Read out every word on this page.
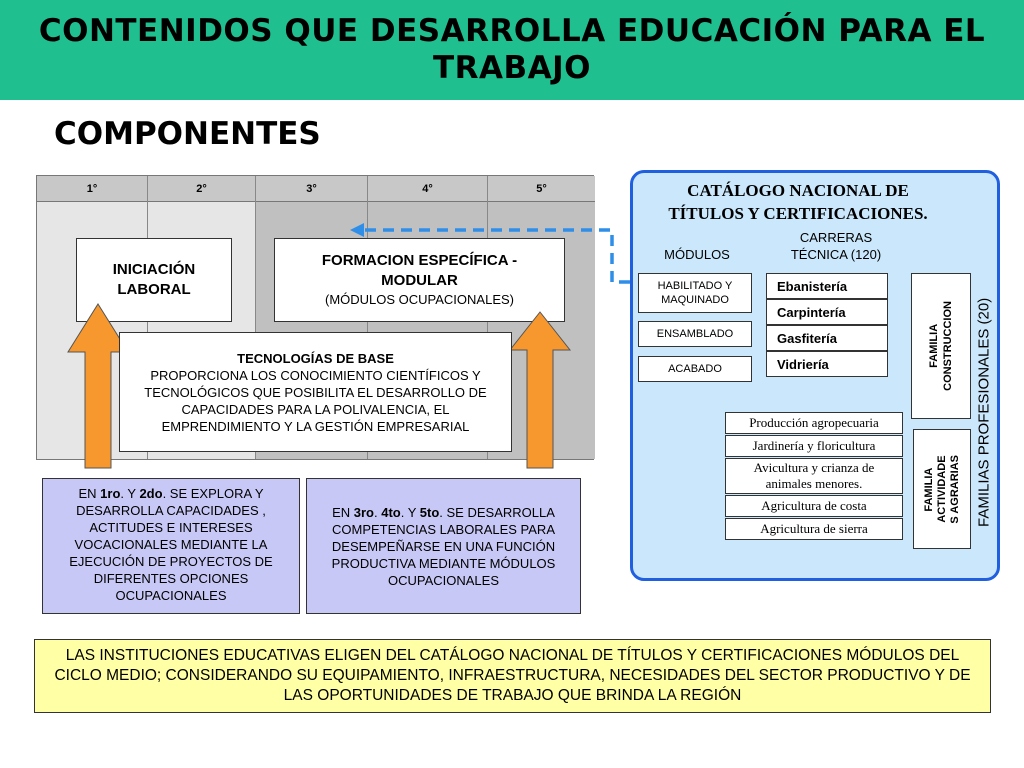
CONTENIDOS QUE DESARROLLA EDUCACIÓN PARA EL TRABAJO
COMPONENTES
1°	2°	3°	4°	5°
INICIACIÓN LABORAL
FORMACION ESPECÍFICA - MODULAR
(MÓDULOS OCUPACIONALES)
TECNOLOGÍAS DE BASE
PROPORCIONA LOS CONOCIMIENTO CIENTÍFICOS Y TECNOLÓGICOS QUE POSIBILITA EL DESARROLLO DE CAPACIDADES PARA LA POLIVALENCIA, EL EMPRENDIMIENTO Y LA GESTIÓN EMPRESARIAL
EN 1ro. Y 2do. SE EXPLORA Y DESARROLLA CAPACIDADES , ACTITUDES E INTERESES VOCACIONALES MEDIANTE LA EJECUCIÓN DE PROYECTOS DE DIFERENTES OPCIONES OCUPACIONALES
EN 3ro. 4to. Y 5to. SE DESARROLLA COMPETENCIAS LABORALES PARA DESEMPEÑARSE EN UNA FUNCIÓN PRODUCTIVA MEDIANTE MÓDULOS OCUPACIONALES
LAS INSTITUCIONES EDUCATIVAS ELIGEN DEL CATÁLOGO NACIONAL DE TÍTULOS Y CERTIFICACIONES MÓDULOS DEL CICLO MEDIO; CONSIDERANDO SU EQUIPAMIENTO, INFRAESTRUCTURA, NECESIDADES DEL SECTOR PRODUCTIVO Y DE LAS OPORTUNIDADES DE TRABAJO QUE BRINDA LA REGIÓN
CATÁLOGO NACIONAL DE
TÍTULOS Y CERTIFICACIONES.
MÓDULOS
CARRERAS
TÉCNICA (120)
HABILITADO Y MAQUINADO
ENSAMBLADO
ACABADO
Ebanistería
Carpintería
Gasfitería
Vidriería	FAMILIA CONSTRUCCION
Producción agropecuaria
Jardinería y floricultura
Avicultura y crianza de animales menores.
Agricultura de costa
Agricultura de sierra
FAMILIA ACTIVIDADE S AGRARIAS FAMILIAS PROFESIONALES (20)
